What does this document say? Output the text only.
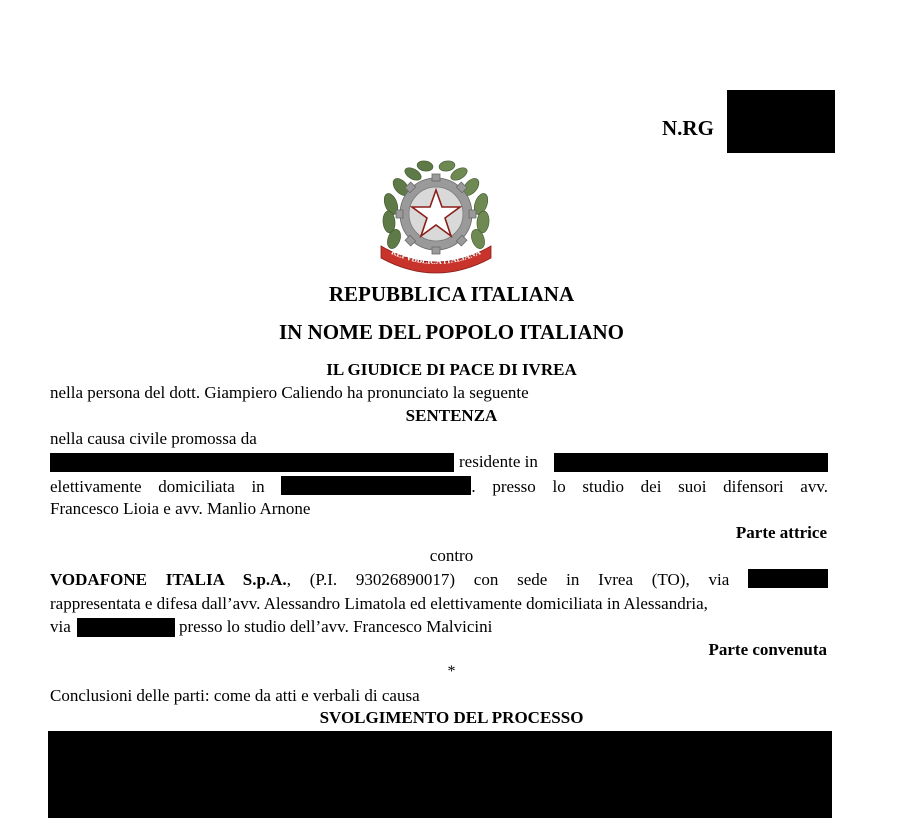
N.RG
REPVBBLICA ITALIANA
REPUBBLICA ITALIANA
IN NOME DEL POPOLO ITALIANO
IL GIUDICE DI PACE DI IVREA
nella persona del dott. Giampiero Caliendo ha pronunciato la seguente
SENTENZA
nella causa civile promossa da
residente in
elettivamente domiciliata in	. presso lo studio dei suoi difensori avv.
Francesco Lioia e avv. Manlio Arnone
Parte attrice
contro
VODAFONE ITALIA S.p.A., (P.I. 93026890017) con sede in Ivrea (TO), via
rappresentata e difesa dall’avv. Alessandro Limatola ed elettivamente domiciliata in Alessandria,
via	presso lo studio dell’avv. Francesco Malvicini
Parte convenuta
*
Conclusioni delle parti: come da atti e verbali di causa
SVOLGIMENTO DEL PROCESSO
